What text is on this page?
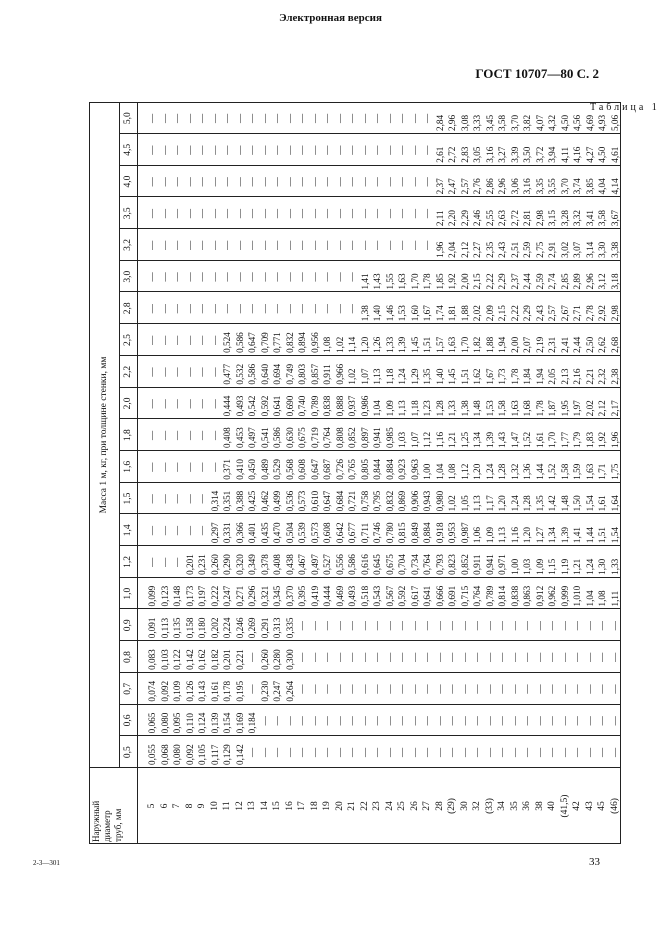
Электронная версия
ГОСТ 10707—80 С. 2
Таблица 1
Наружный диаметр труб, мм
Масса 1 м, кг, при толщине стенки, мм
0,5
0,6
0,7
0,8
0,9
1,0
1,2
1,4
1,5
1,6
1,8
2,0
2,2
2,5
2,8
3,0
3,2
3,5
4,0
4,5
5,0
5 6 7 8 9 10 11 12 13 14 15 16 17 18 19 20 21 22 23 24 25 26 27 28 (29) 30 32 (33) 34 35 36 38 40 (41,5) 42 43 45 (46)
0,055 0,068 0,080 0,092 0,105 0,117 0,129 0,142 — — — — — — — — — — — — — — — — — — — — — — — — — — — — — —
0,065 0,080 0,095 0,110 0,124 0,139 0,154 0,169 0,184 — — — — — — — — — — — — — — — — — — — — — — — — — — — — —
0,074 0,092 0,109 0,126 0,143 0,161 0,178 0,195 — 0,230 0,247 0,264 — — — — — — — — — — — — — — — — — — — — — — — — — —
0,083 0,103 0,122 0,142 0,162 0,182 0,201 0,221 — 0,260 0,280 0,300 — — — — — — — — — — — — — — — — — — — — — — — — — —
0,091 0,113 0,135 0,158 0,180 0,202 0,224 0,246 0,269 0,291 0,313 0,335 — — — — — — — — — — — — — — — — — — — — — — — — — —
0,099 0,123 0,148 0,173 0,197 0,222 0,247 0,271 0,296 0,321 0,345 0,370 0,395 0,419 0,444 0,469 0,493 0,518 0,543 0,567 0,592 0,617 0,641 0,666 0,691 0,715 0,764 0,789 0,814 0,838 0,863 0,912 0,962 0,999 1,010 1,04 1,08 1,11
— — — 0,201 0,231 0,260 0,290 0,320 0,349 0,378 0,408 0,438 0,467 0,497 0,527 0,556 0,586 0,616 0,645 0,675 0,704 0,734 0,764 0,793 0,823 0,852 0,911 0,941 0,971 1,00 1,03 1,09 1,15 1,19 1,21 1,24 1,30 1,33
— — — — — 0,297 0,331 0,366 0,401 0,435 0,470 0,504 0,539 0,573 0,608 0,642 0,677 0,711 0,746 0,780 0,815 0,849 0,884 0,918 0,953 0,987 1,06 1,09 1,13 1,16 1,20 1,27 1,34 1,39 1,41 1,44 1,51 1,54
— — — — — 0,314 0,351 0,388 0,425 0,462 0,499 0,536 0,573 0,610 0,647 0,684 0,721 0,758 0,795 0,832 0,869 0,906 0,943 0,980 1,02 1,05 1,13 1,17 1,20 1,24 1,28 1,35 1,42 1,48 1,50 1,54 1,61 1,64
— — — — — — 0,371 0,410 0,450 0,489 0,529 0,568 0,608 0,647 0,687 0,726 0,765 0,805 0,844 0,884 0,923 0,963 1,00 1,04 1,08 1,12 1,20 1,24 1,28 1,32 1,36 1,44 1,52 1,58 1,59 1,63 1,71 1,75
— — — — — — 0,408 0,453 0,497 0,541 0,586 0,630 0,675 0,719 0,764 0,808 0,852 0,897 0,941 0,985 1,03 1,07 1,12 1,16 1,21 1,25 1,34 1,39 1,43 1,47 1,52 1,61 1,70 1,77 1,79 1,83 1,92 1,96
— — — — — — 0,444 0,493 0,542 0,592 0,641 0,690 0,740 0,789 0,838 0,888 0,937 0,986 1,04 1,09 1,13 1,18 1,23 1,28 1,33 1,38 1,48 1,53 1,58 1,63 1,68 1,78 1,87 1,95 1,97 2,02 2,12 2,17
— — — — — — 0,477 0,532 0,586 0,640 0,694 0,749 0,803 0,857 0,911 0,966 1,02 1,07 1,13 1,18 1,24 1,29 1,35 1,40 1,45 1,51 1,62 1,67 1,73 1,78 1,84 1,94 2,05 2,13 2,16 2,21 2,32 2,38
— — — — — — 0,524 0,586 0,647 0,709 0,771 0,832 0,894 0,956 1,08 1,02 1,14 1,20 1,26 1,33 1,39 1,45 1,51 1,57 1,63 1,70 1,82 1,88 1,94 2,00 2,07 2,19 2,31 2,41 2,44 2,50 2,62 2,68
— — — — — — — — — — — — — — — — — 1,38 1,40 1,46 1,53 1,60 1,67 1,74 1,81 1,88 2,02 2,09 2,15 2,22 2,29 2,43 2,57 2,67 2,71 2,78 2,92 2,98
— — — — — — — — — — — — — — — — — 1,41 1,43 1,55 1,63 1,70 1,78 1,85 1,92 2,00 2,15 2,22 2,29 2,37 2,44 2,59 2,74 2,85 2,89 2,96 3,12 3,18
— — — — — — — — — — — — — — — — — — — — — — — 1,96 2,04 2,12 2,27 2,35 2,43 2,51 2,59 2,75 2,91 3,02 3,07 3,14 3,30 3,38
— — — — — — — — — — — — — — — — — — — — — — — 2,11 2,20 2,29 2,46 2,55 2,63 2,72 2,81 2,98 3,15 3,28 3,32 3,41 3,58 3,67
— — — — — — — — — — — — — — — — — — — — — — — 2,37 2,47 2,57 2,76 2,86 2,96 3,06 3,16 3,35 3,55 3,70 3,74 3,85 4,04 4,14
— — — — — — — — — — — — — — — — — — — — — — — 2,61 2,72 2,83 3,05 3,16 3,27 3,39 3,50 3,72 3,94 4,11 4,16 4,27 4,50 4,61
— — — — — — — — — — — — — — — — — — — — — — — 2,84 2,96 3,08 3,33 3,45 3,58 3,70 3,82 4,07 4,32 4,50 4,56 4,69 4,93 5,06
2-3—301	33
